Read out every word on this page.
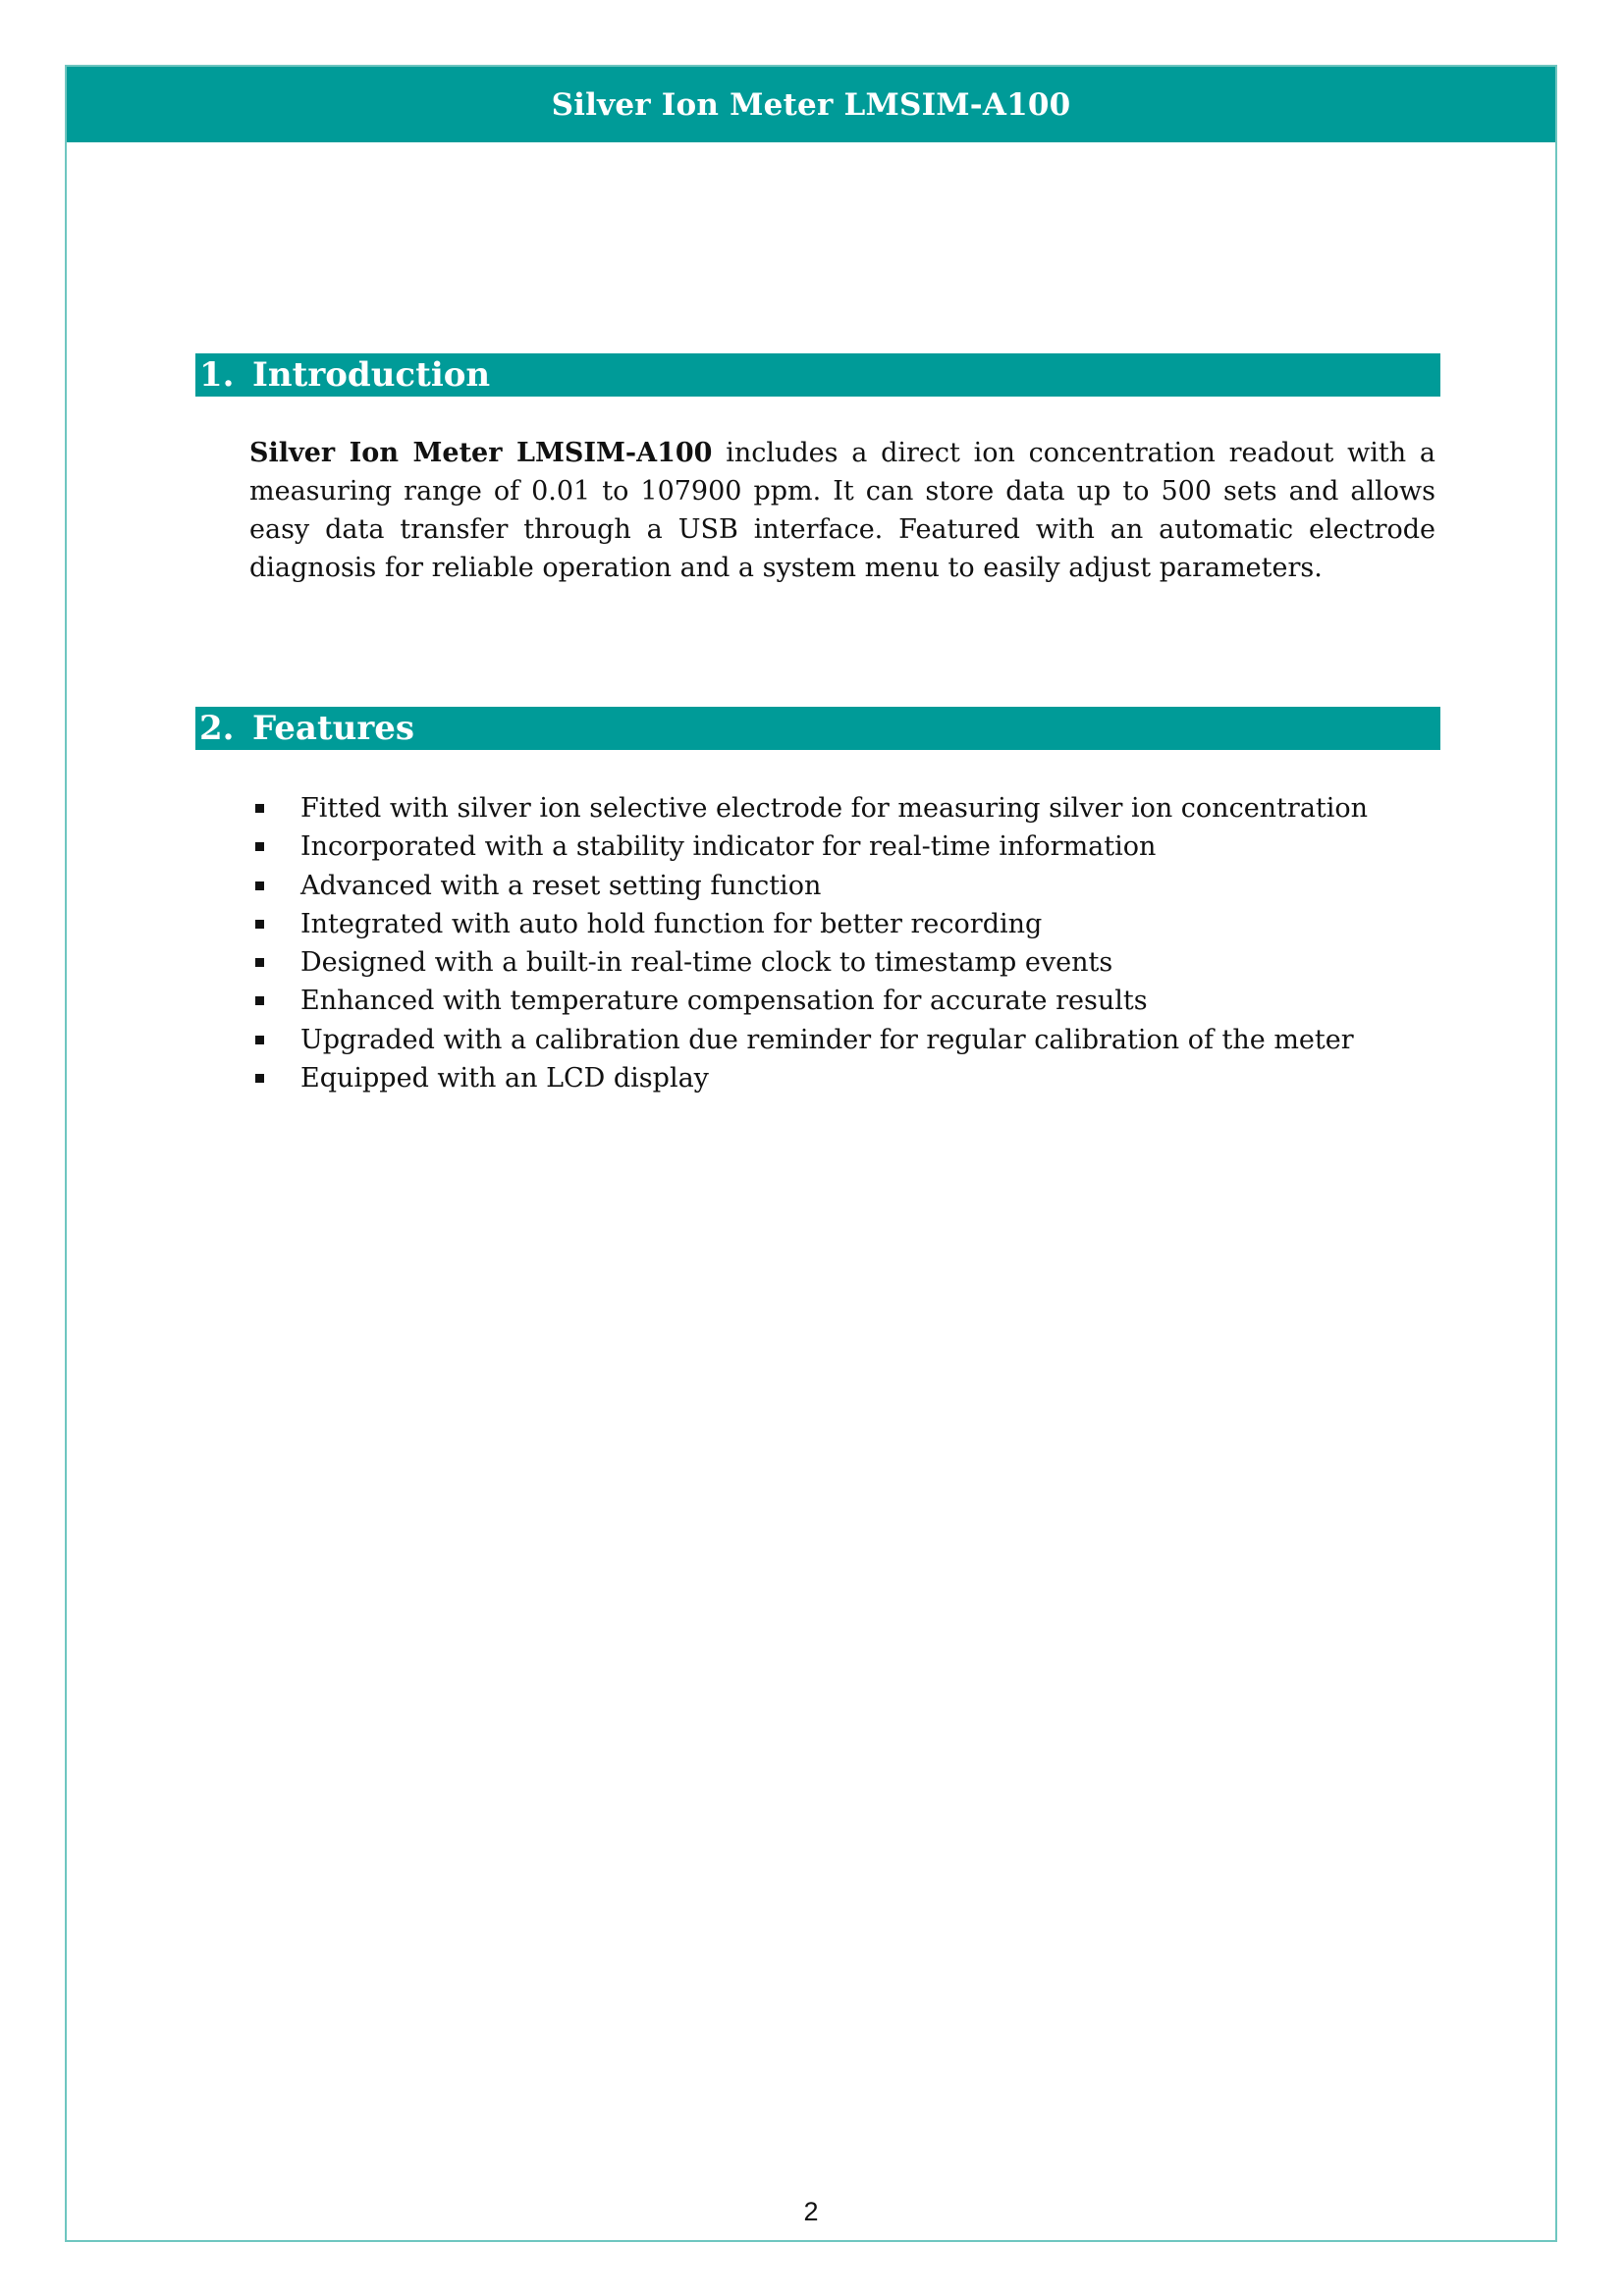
Silver Ion Meter LMSIM-A100
1. Introduction

Silver Ion Meter LMSIM-A100 includes a direct ion concentration readout with a measuring range of 0.01 to 107900 ppm. It can store data up to 500 sets and allows easy data transfer through a USB interface. Featured with an automatic electrode diagnosis for reliable operation and a system menu to easily adjust parameters.

2. Features
Fitted with silver ion selective electrode for measuring silver ion concentration
Incorporated with a stability indicator for real-time information
Advanced with a reset setting function
Integrated with auto hold function for better recording
Designed with a built-in real-time clock to timestamp events
Enhanced with temperature compensation for accurate results
Upgraded with a calibration due reminder for regular calibration of the meter
Equipped with an LCD display
2
